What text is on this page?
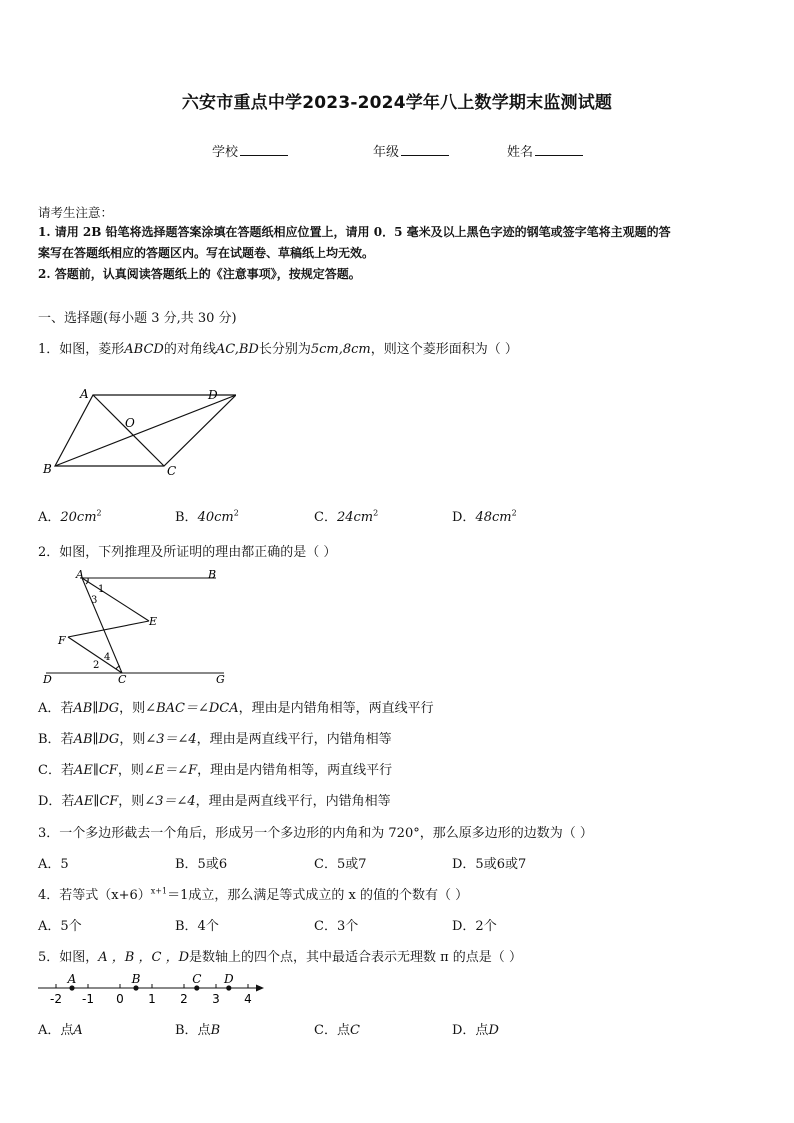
六安市重点中学2023-2024学年八上数学期末监测试题
学校	年级	姓名
请考生注意：
1. 请用 2B 铅笔将选择题答案涂填在答题纸相应位置上，请用 0．5 毫米及以上黑色字迹的钢笔或签字笔将主观题的答
案写在答题纸相应的答题区内。写在试题卷、草稿纸上均无效。
2. 答题前，认真阅读答题纸上的《注意事项》，按规定答题。
一、选择题(每小题 3 分,共 30 分)
1．如图，菱形ABCD的对角线AC,BD长分别为5cm,8cm，则这个菱形面积为（ ）
A	D
B	C
O
A．$20cm^2$	B．$40cm^2$	C．$24cm^2$	D．$48cm^2$
2．如图，下列推理及所证明的理由都正确的是（ ）
A	B
E
F
D	C	G
1
3
2
4
A．若AB∥DG，则∠BAC＝∠DCA，理由是内错角相等，两直线平行
B．若AB∥DG，则∠3＝∠4，理由是两直线平行，内错角相等
C．若AE∥CF，则∠E＝∠F，理由是内错角相等，两直线平行
D．若AE∥CF，则∠3＝∠4，理由是两直线平行，内错角相等
3．一个多边形截去一个角后，形成另一个多边形的内角和为 720°，那么原多边形的边数为（ ）
A．5	B．5或6	C．5或7	D．5或6或7
4．若等式$(x+6)^{x+1}=1$成立，那么满足等式成立的 x 的值的个数有（ ）
A．5个	B．4个	C．3个	D．2个
5．如图，A ，B ，C ，D是数轴上的四个点，其中最适合表示无理数 π 的点是（ ）
-2 -1 0 1 2 3 4
A	B	C D
A．点A	B．点B	C．点C	D．点D
